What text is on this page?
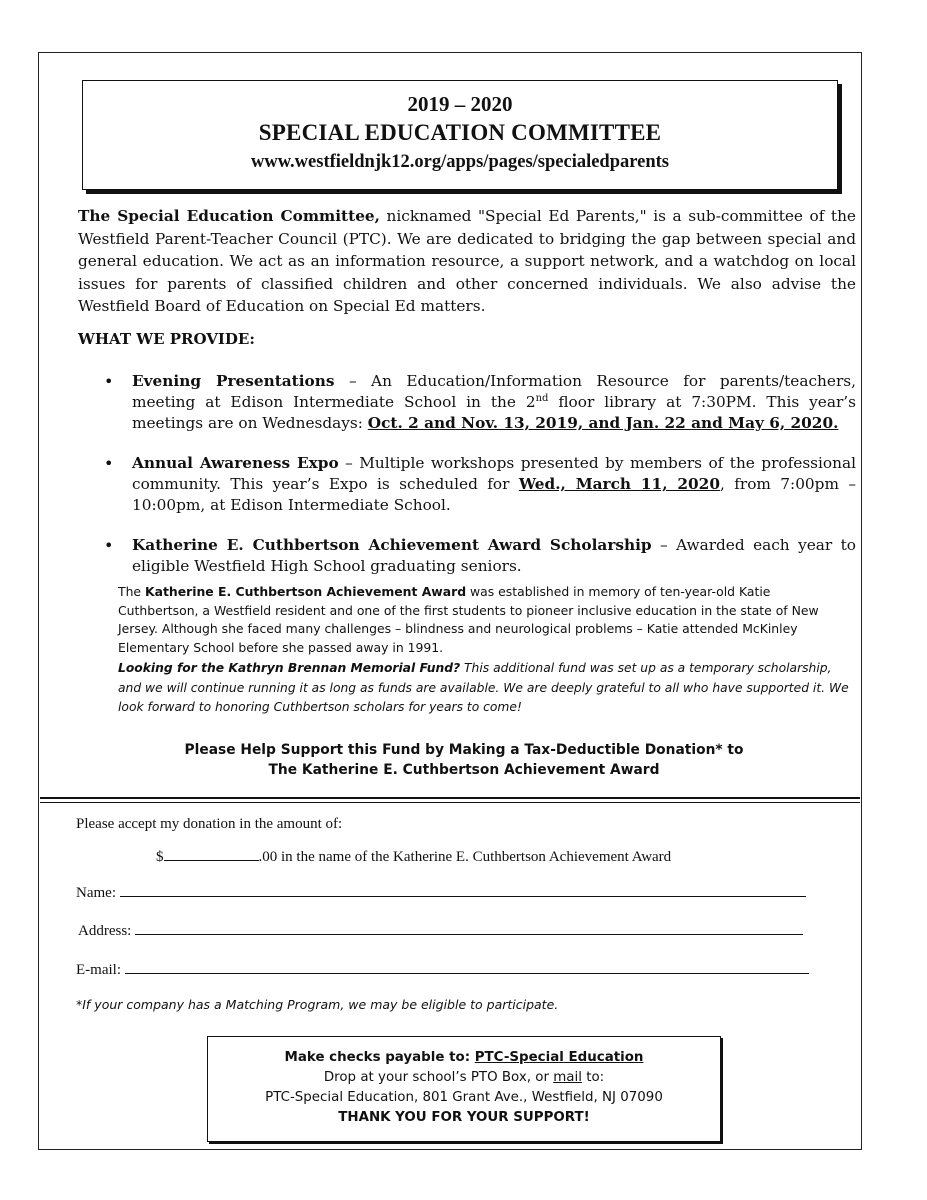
2019 – 2020
SPECIAL EDUCATION COMMITTEE
www.westfieldnjk12.org/apps/pages/specialedparents
The Special Education Committee, nicknamed "Special Ed Parents," is a sub-committee of the Westfield Parent-Teacher Council (PTC). We are dedicated to bridging the gap between special and general education. We act as an information resource, a support network, and a watchdog on local issues for parents of classified children and other concerned individuals. We also advise the Westfield Board of Education on Special Ed matters.
WHAT WE PROVIDE:
• Evening Presentations – An Education/Information Resource for parents/teachers, meeting at Edison Intermediate School in the 2nd floor library at 7:30PM. This year’s meetings are on Wednesdays: Oct. 2 and Nov. 13, 2019, and Jan. 22 and May 6, 2020.
• Annual Awareness Expo – Multiple workshops presented by members of the professional community. This year’s Expo is scheduled for Wed., March 11, 2020, from 7:00pm – 10:00pm, at Edison Intermediate School.
• Katherine E. Cuthbertson Achievement Award Scholarship – Awarded each year to eligible Westfield High School graduating seniors.
The Katherine E. Cuthbertson Achievement Award was established in memory of ten-year-old Katie Cuthbertson, a Westfield resident and one of the first students to pioneer inclusive education in the state of New Jersey. Although she faced many challenges – blindness and neurological problems – Katie attended McKinley Elementary School before she passed away in 1991.
Looking for the Kathryn Brennan Memorial Fund? This additional fund was set up as a temporary scholarship, and we will continue running it as long as funds are available. We are deeply grateful to all who have supported it. We look forward to honoring Cuthbertson scholars for years to come!
Please Help Support this Fund by Making a Tax-Deductible Donation* to
The Katherine E. Cuthbertson Achievement Award
Please accept my donation in the amount of:
$	.00 in the name of the Katherine E. Cuthbertson Achievement Award
Name:
Address:
E-mail:
*If your company has a Matching Program, we may be eligible to participate.
Make checks payable to: PTC-Special Education
Drop at your school’s PTO Box, or mail to:
PTC-Special Education, 801 Grant Ave., Westfield, NJ 07090
THANK YOU FOR YOUR SUPPORT!
